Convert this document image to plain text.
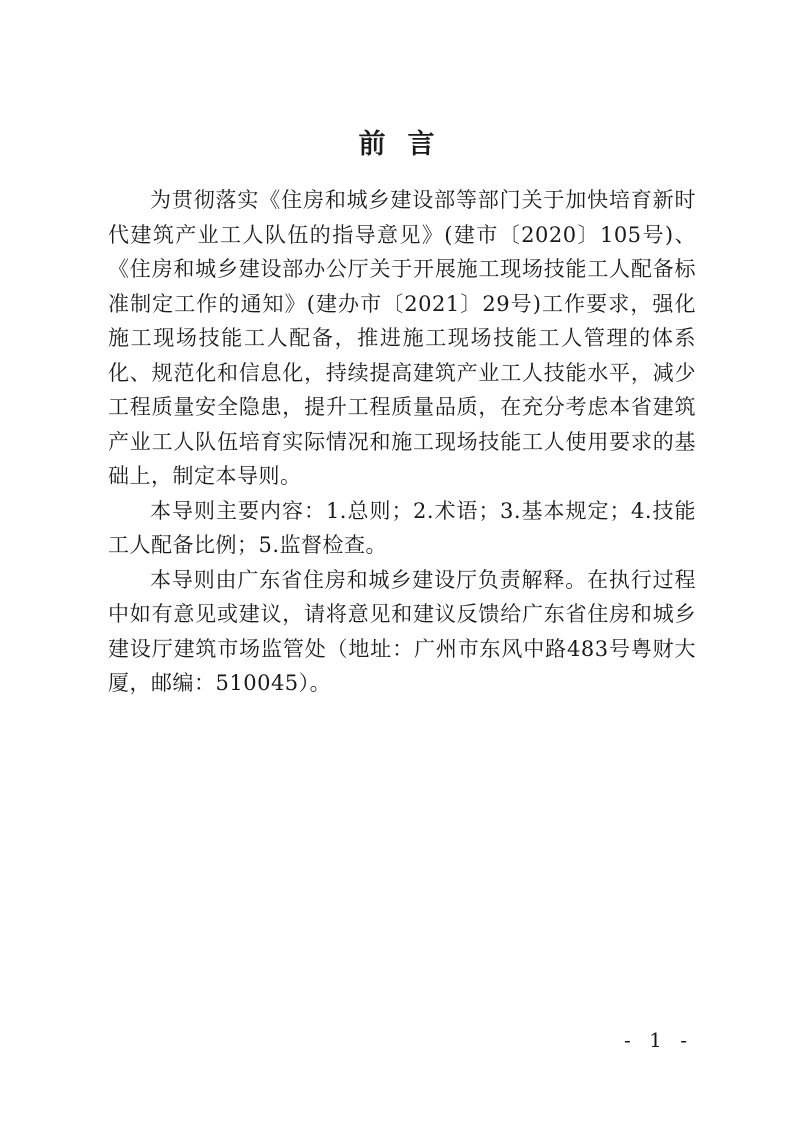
前言

为贯彻落实《住房和城乡建设部等部门关于加快培育新时代建筑产业工人队伍的指导意见》(建市〔2020〕105号)、《住房和城乡建设部办公厅关于开展施工现场技能工人配备标准制定工作的通知》(建办市〔2021〕29号)工作要求，强化施工现场技能工人配备，推进施工现场技能工人管理的体系化、规范化和信息化，持续提高建筑产业工人技能水平，减少工程质量安全隐患，提升工程质量品质，在充分考虑本省建筑产业工人队伍培育实际情况和施工现场技能工人使用要求的基础上，制定本导则。

本导则主要内容：1.总则；2.术语；3.基本规定；4.技能工人配备比例；5.监督检查。

本导则由广东省住房和城乡建设厅负责解释。在执行过程中如有意见或建议，请将意见和建议反馈给广东省住房和城乡建设厅建筑市场监管处（地址：广州市东风中路483号粤财大厦，邮编：510045）。

- 1 -
